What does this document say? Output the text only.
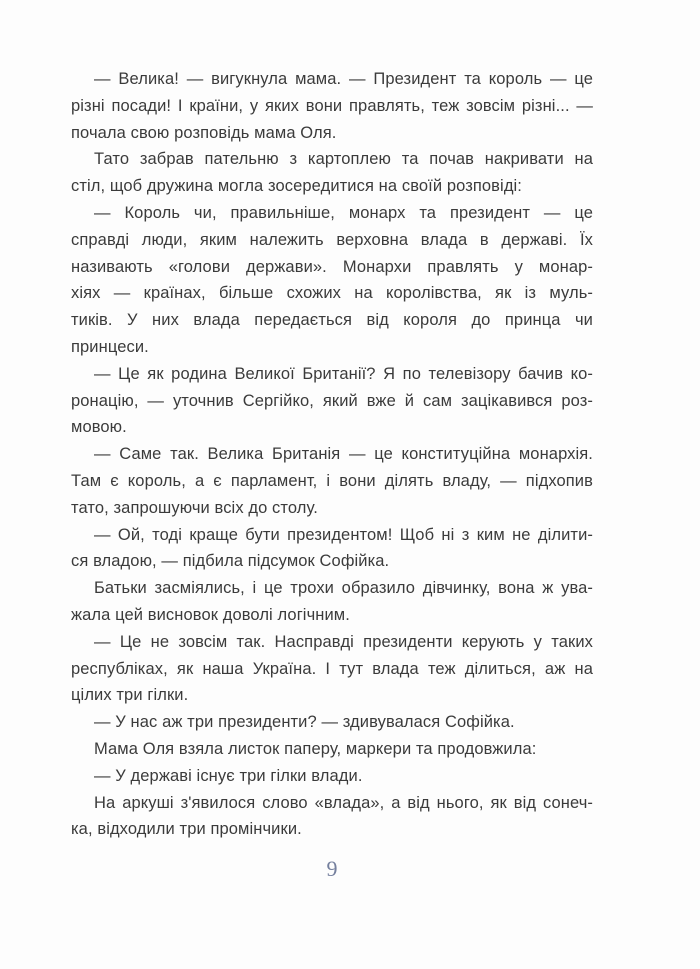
— Велика! — вигукнула мама. — Президент та король — це
різні посади! І країни, у яких вони правлять, теж зовсім різні... —
почала свою розповідь мама Оля.
Тато забрав пательню з картоплею та почав накривати на
стіл, щоб дружина могла зосередитися на своїй розповіді:
— Король чи, правильніше, монарх та президент — це
справді люди, яким належить верховна влада в державі. Їх
називають «голови держави». Монархи правлять у монар-
хіях — країнах, більше схожих на королівства, як із муль-
тиків. У них влада передається від короля до принца чи
принцеси.
— Це як родина Великої Британії? Я по телевізору бачив ко-
ронацію, — уточнив Сергійко, який вже й сам зацікавився роз-
мовою.
— Саме так. Велика Британія — це конституційна монархія.
Там є король, а є парламент, і вони ділять владу, — підхопив
тато, запрошуючи всіх до столу.
— Ой, тоді краще бути президентом! Щоб ні з ким не ділити-
ся владою, — підбила підсумок Софійка.
Батьки засміялись, і це трохи образило дівчинку, вона ж ува-
жала цей висновок доволі логічним.
— Це не зовсім так. Насправді президенти керують у таких
республіках, як наша Україна. І тут влада теж ділиться, аж на
цілих три гілки.
— У нас аж три президенти? — здивувалася Софійка.
Мама Оля взяла листок паперу, маркери та продовжила:
— У державі існує три гілки влади.
На аркуші з'явилося слово «влада», а від нього, як від сонеч-
ка, відходили три промінчики.
9
